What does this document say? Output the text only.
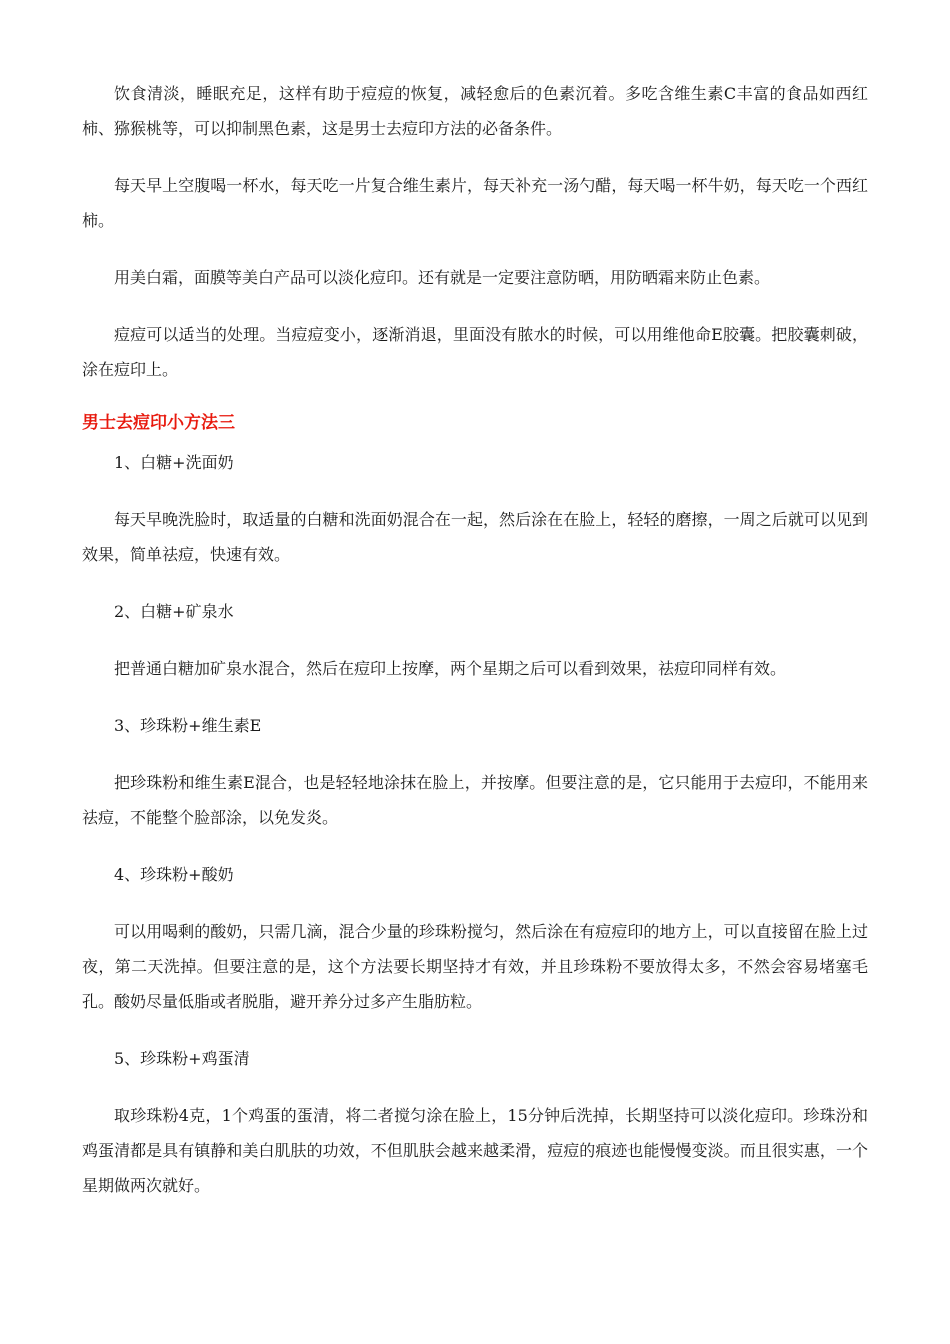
饮食清淡，睡眠充足，这样有助于痘痘的恢复，减轻愈后的色素沉着。多吃含维生素C丰富的食品如西红柿、猕猴桃等，可以抑制黑色素，这是男士去痘印方法的必备条件。

每天早上空腹喝一杯水，每天吃一片复合维生素片，每天补充一汤勺醋，每天喝一杯牛奶，每天吃一个西红柿。

用美白霜，面膜等美白产品可以淡化痘印。还有就是一定要注意防晒，用防晒霜来防止色素。

痘痘可以适当的处理。当痘痘变小，逐渐消退，里面没有脓水的时候，可以用维他命E胶囊。把胶囊刺破，涂在痘印上。

男士去痘印小方法三

1、白糖+洗面奶

每天早晚洗脸时，取适量的白糖和洗面奶混合在一起，然后涂在在脸上，轻轻的磨擦，一周之后就可以见到效果，简单祛痘，快速有效。

2、白糖+矿泉水

把普通白糖加矿泉水混合，然后在痘印上按摩，两个星期之后可以看到效果，祛痘印同样有效。

3、珍珠粉+维生素E

把珍珠粉和维生素E混合，也是轻轻地涂抹在脸上，并按摩。但要注意的是，它只能用于去痘印，不能用来祛痘，不能整个脸部涂，以免发炎。

4、珍珠粉+酸奶

可以用喝剩的酸奶，只需几滴，混合少量的珍珠粉搅匀，然后涂在有痘痘印的地方上，可以直接留在脸上过夜，第二天洗掉。但要注意的是，这个方法要长期坚持才有效，并且珍珠粉不要放得太多，不然会容易堵塞毛孔。酸奶尽量低脂或者脱脂，避开养分过多产生脂肪粒。

5、珍珠粉+鸡蛋清

取珍珠粉4克，1个鸡蛋的蛋清，将二者搅匀涂在脸上，15分钟后洗掉，长期坚持可以淡化痘印。珍珠汾和鸡蛋清都是具有镇静和美白肌肤的功效，不但肌肤会越来越柔滑，痘痘的痕迹也能慢慢变淡。而且很实惠，一个星期做两次就好。
